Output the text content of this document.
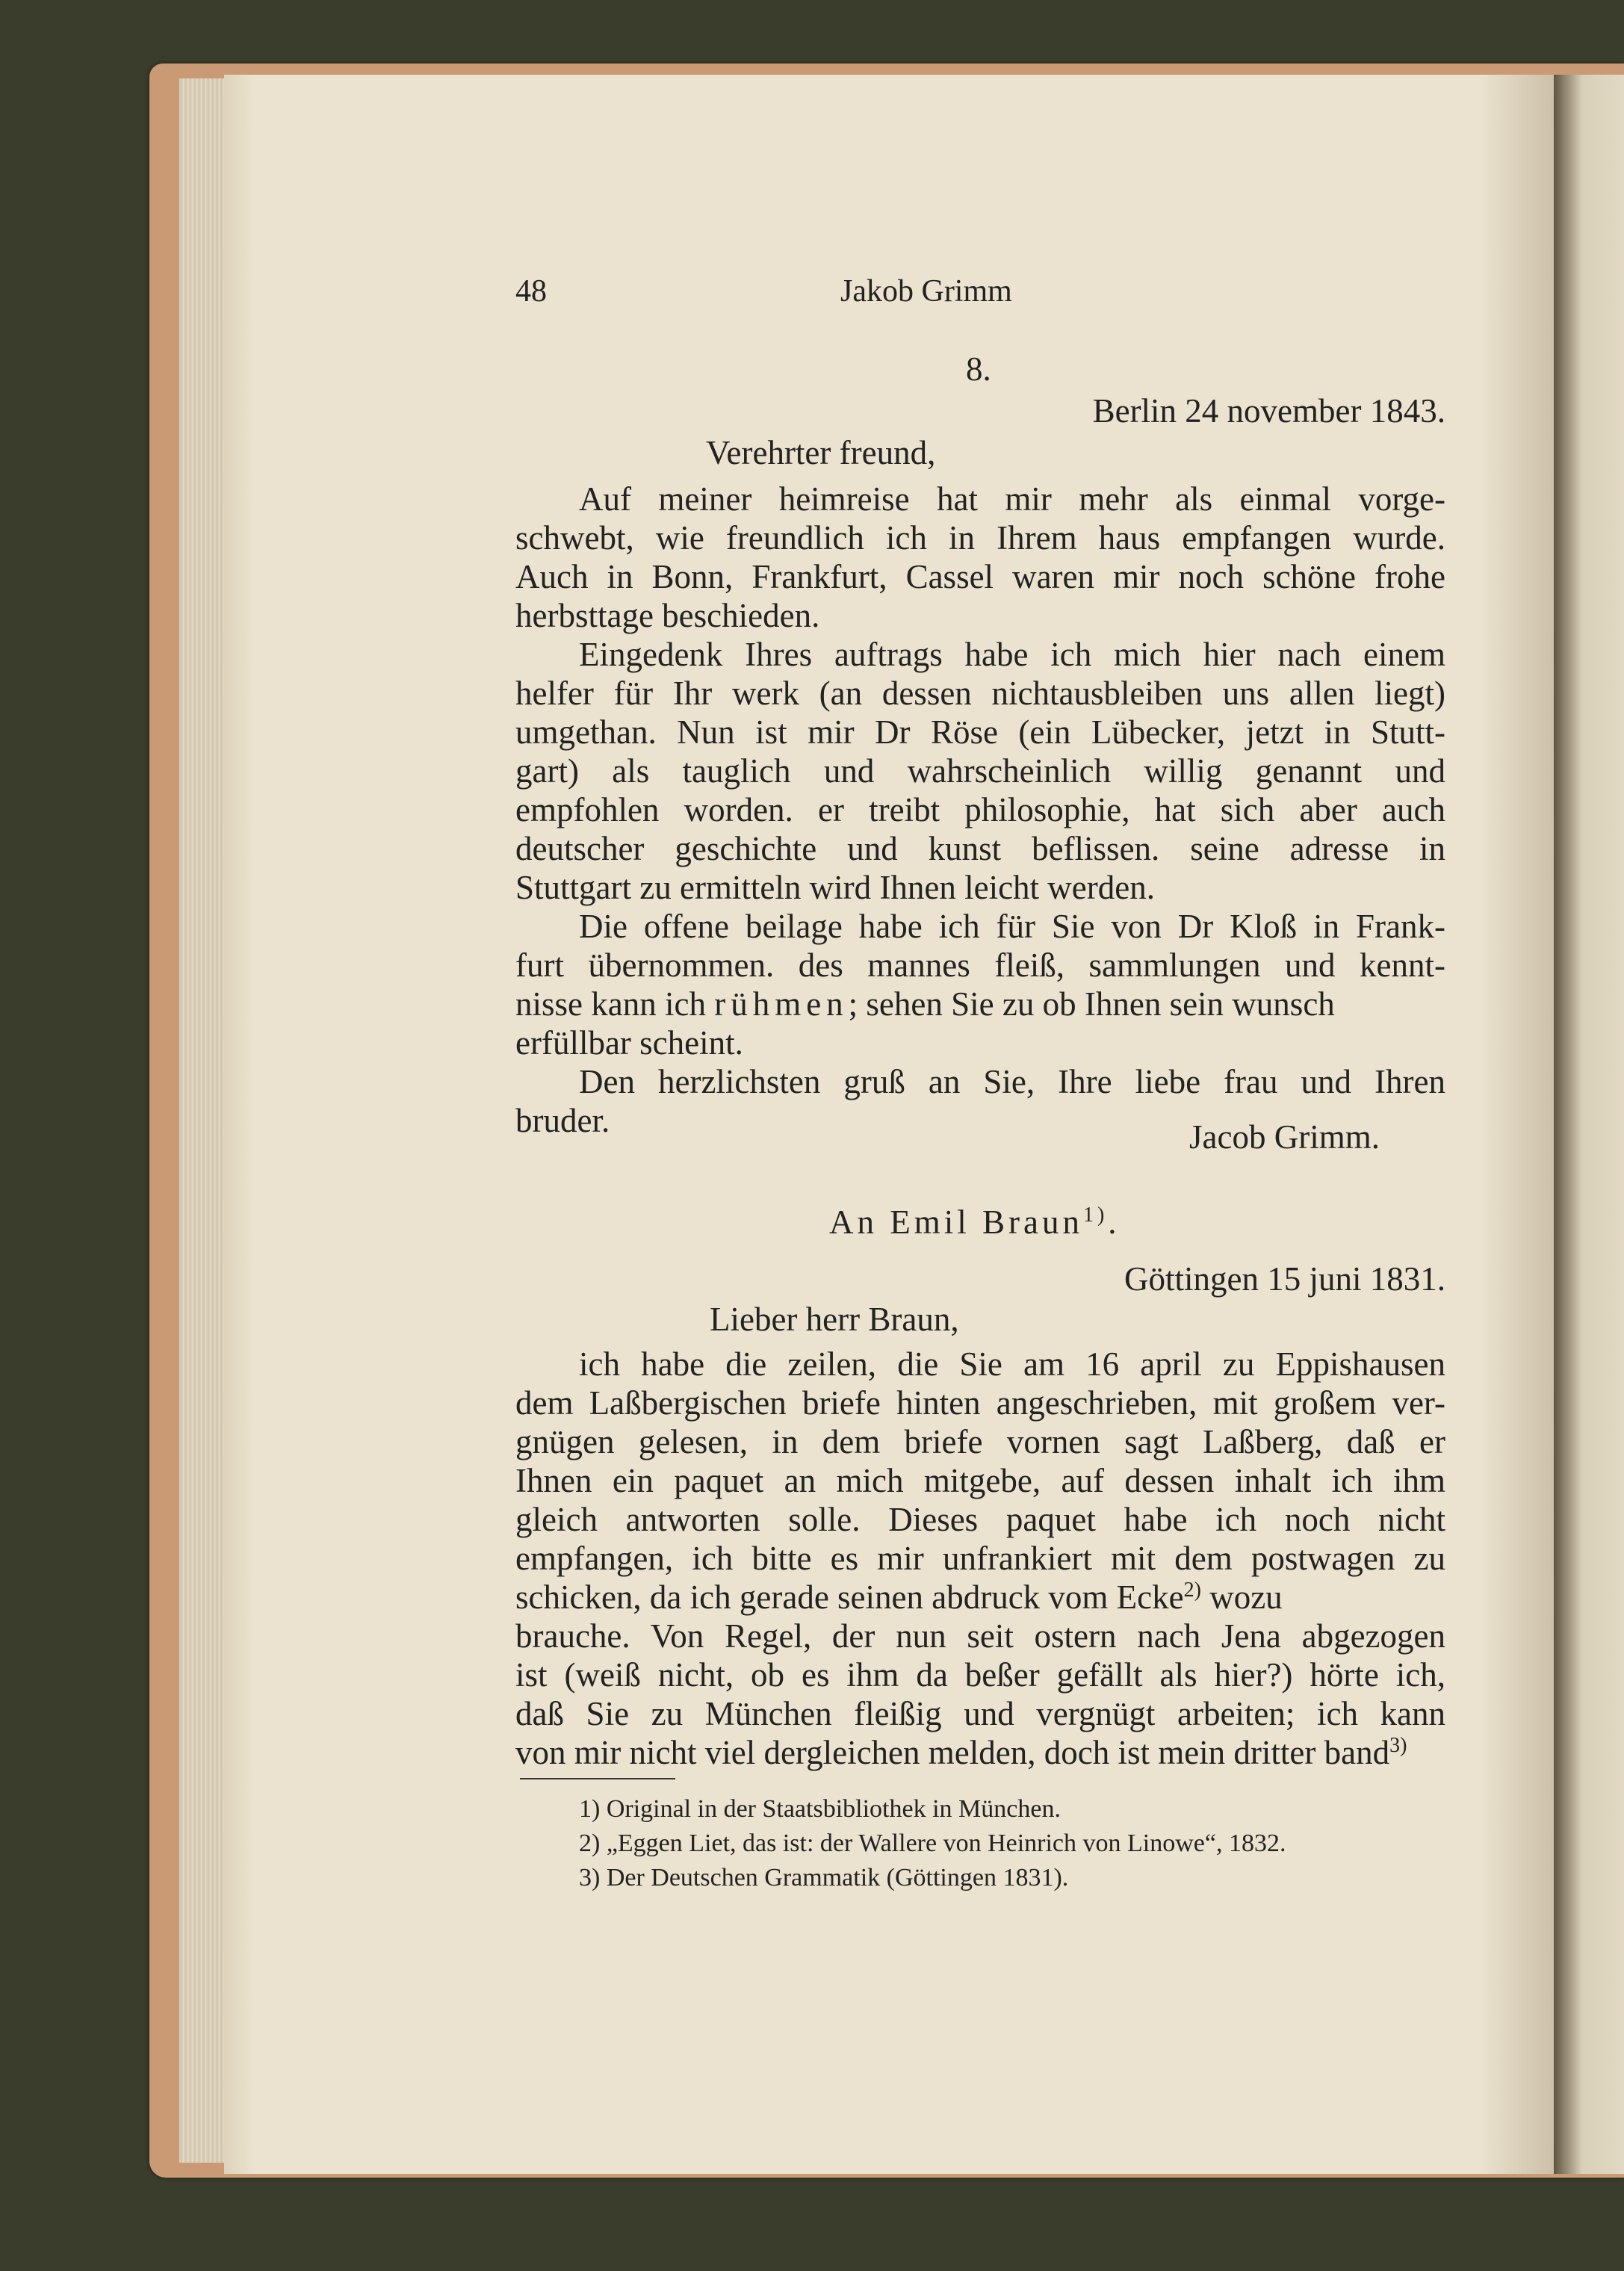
48	Jakob Grimm
8.
Berlin 24 november 1843.
Verehrter freund,
Auf meiner heimreise hat mir mehr als einmal vorge-
schwebt, wie freundlich ich in Ihrem haus empfangen wurde.
Auch in Bonn, Frankfurt, Cassel waren mir noch schöne frohe
herbsttage beschieden.
Eingedenk Ihres auftrags habe ich mich hier nach einem
helfer für Ihr werk (an dessen nichtausbleiben uns allen liegt)
umgethan. Nun ist mir Dr Röse (ein Lübecker, jetzt in Stutt-
gart) als tauglich und wahrscheinlich willig genannt und
empfohlen worden. er treibt philosophie, hat sich aber auch
deutscher geschichte und kunst beflissen. seine adresse in
Stuttgart zu ermitteln wird Ihnen leicht werden.
Die offene beilage habe ich für Sie von Dr Kloß in Frank-
furt übernommen. des mannes fleiß, sammlungen und kennt-
nisse kann ich rühmen; sehen Sie zu ob Ihnen sein wunsch
erfüllbar scheint.
Den herzlichsten gruß an Sie, Ihre liebe frau und Ihren
bruder.	Jacob Grimm.
An Emil Braun$^{1)}$.
Göttingen 15 juni 1831.
Lieber herr Braun,
ich habe die zeilen, die Sie am 16 april zu Eppishausen
dem Laßbergischen briefe hinten angeschrieben, mit großem ver-
gnügen gelesen, in dem briefe vornen sagt Laßberg, daß er
Ihnen ein paquet an mich mitgebe, auf dessen inhalt ich ihm
gleich antworten solle. Dieses paquet habe ich noch nicht
empfangen, ich bitte es mir unfrankiert mit dem postwagen zu
schicken, da ich gerade seinen abdruck vom Ecke$^{2)}$ wozu
brauche. Von Regel, der nun seit ostern nach Jena abgezogen
ist (weiß nicht, ob es ihm da beßer gefällt als hier?) hörte ich,
daß Sie zu München fleißig und vergnügt arbeiten; ich kann
von mir nicht viel dergleichen melden, doch ist mein dritter band$^{3)}$
1) Original in der Staatsbibliothek in München.
2) „Eggen Liet, das ist: der Wallere von Heinrich von Linowe“, 1832.
3) Der Deutschen Grammatik (Göttingen 1831).
